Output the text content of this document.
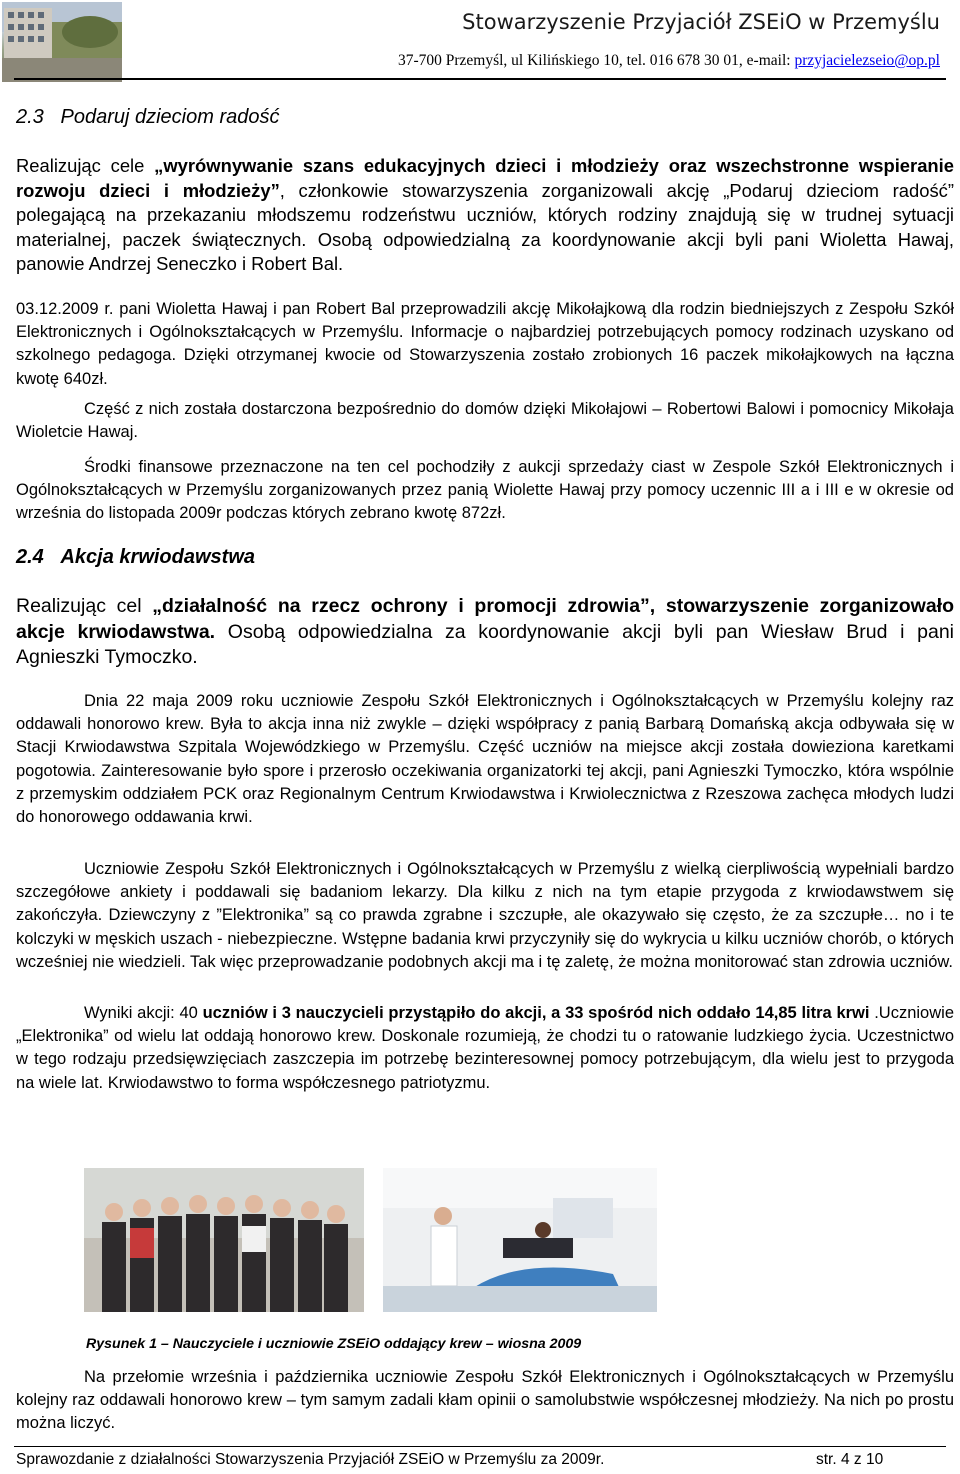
Stowarzyszenie Przyjaciół ZSEiO w Przemyślu
37-700 Przemyśl, ul Kilińskiego 10, tel. 016 678 30 01, e-mail: przyjacielezseio@op.pl
2.3 Podaruj dzieciom radość

Realizując cele „wyrównywanie szans edukacyjnych dzieci i młodzieży oraz wszechstronne wspieranie rozwoju dzieci i młodzieży”, członkowie stowarzyszenia zorganizowali akcję „Podaruj dzieciom radość” polegającą na przekazaniu młodszemu rodzeństwu uczniów, których rodziny znajdują się w trudnej sytuacji materialnej, paczek świątecznych. Osobą odpowiedzialną za koordynowanie akcji byli pani Wioletta Hawaj, panowie Andrzej Seneczko i Robert Bal.

03.12.2009 r. pani Wioletta Hawaj i pan Robert Bal przeprowadzili akcję Mikołajkową dla rodzin biedniejszych z Zespołu Szkół Elektronicznych i Ogólnokształcących w Przemyślu. Informacje o najbardziej potrzebujących pomocy rodzinach uzyskano od szkolnego pedagoga. Dzięki otrzymanej kwocie od Stowarzyszenia zostało zrobionych 16 paczek mikołajkowych na łączna kwotę 640zł.

Część z nich została dostarczona bezpośrednio do domów dzięki Mikołajowi – Robertowi Balowi i pomocnicy Mikołaja Wioletcie Hawaj.

Środki finansowe przeznaczone na ten cel pochodziły z aukcji sprzedaży ciast w Zespole Szkół Elektronicznych i Ogólnokształcących w Przemyślu zorganizowanych przez panią Wiolette Hawaj przy pomocy uczennic III a i III e w okresie od września do listopada 2009r podczas których zebrano kwotę 872zł.

2.4 Akcja krwiodawstwa

Realizując cel „działalność na rzecz ochrony i promocji zdrowia”, stowarzyszenie zorganizowało akcje krwiodawstwa. Osobą odpowiedzialna za koordynowanie akcji byli pan Wiesław Brud i pani Agnieszki Tymoczko.

Dnia 22 maja 2009 roku uczniowie Zespołu Szkół Elektronicznych i Ogólnokształcących w Przemyślu kolejny raz oddawali honorowo krew. Była to akcja inna niż zwykle – dzięki współpracy z panią Barbarą Domańską akcja odbywała się w Stacji Krwiodawstwa Szpitala Wojewódzkiego w Przemyślu. Część uczniów na miejsce akcji została dowieziona karetkami pogotowia. Zainteresowanie było spore i przerosło oczekiwania organizatorki tej akcji, pani Agnieszki Tymoczko, która wspólnie z przemyskim oddziałem PCK oraz Regionalnym Centrum Krwiodawstwa i Krwiolecznictwa z Rzeszowa zachęca młodych ludzi do honorowego oddawania krwi.

Uczniowie Zespołu Szkół Elektronicznych i Ogólnokształcących w Przemyślu z wielką cierpliwością wypełniali bardzo szczegółowe ankiety i poddawali się badaniom lekarzy. Dla kilku z nich na tym etapie przygoda z krwiodawstwem się zakończyła. Dziewczyny z ”Elektronika” są co prawda zgrabne i szczupłe, ale okazywało się często, że za szczupłe… no i te kolczyki w męskich uszach - niebezpieczne. Wstępne badania krwi przyczyniły się do wykrycia u kilku uczniów chorób, o których wcześniej nie wiedzieli. Tak więc przeprowadzanie podobnych akcji ma i tę zaletę, że można monitorować stan zdrowia uczniów.

Wyniki akcji: 40 uczniów i 3 nauczycieli przystąpiło do akcji, a 33 spośród nich oddało 14,85 litra krwi .Uczniowie „Elektronika” od wielu lat oddają honorowo krew. Doskonale rozumieją, że chodzi tu o ratowanie ludzkiego życia. Uczestnictwo w tego rodzaju przedsięwzięciach zaszczepia im potrzebę bezinteresownej pomocy potrzebującym, dla wielu jest to przygoda na wiele lat. Krwiodawstwo to forma współczesnego patriotyzmu.

Rysunek 1 – Nauczyciele i uczniowie ZSEiO oddający krew – wiosna 2009

Na przełomie września i października uczniowie Zespołu Szkół Elektronicznych i Ogólnokształcących w Przemyślu kolejny raz oddawali honorowo krew – tym samym zadali kłam opinii o samolubstwie współczesnej młodzieży. Na nich po prostu można liczyć.

Sprawozdanie z działalności Stowarzyszenia Przyjaciół ZSEiO w Przemyślu za 2009r.	str. 4 z 10
